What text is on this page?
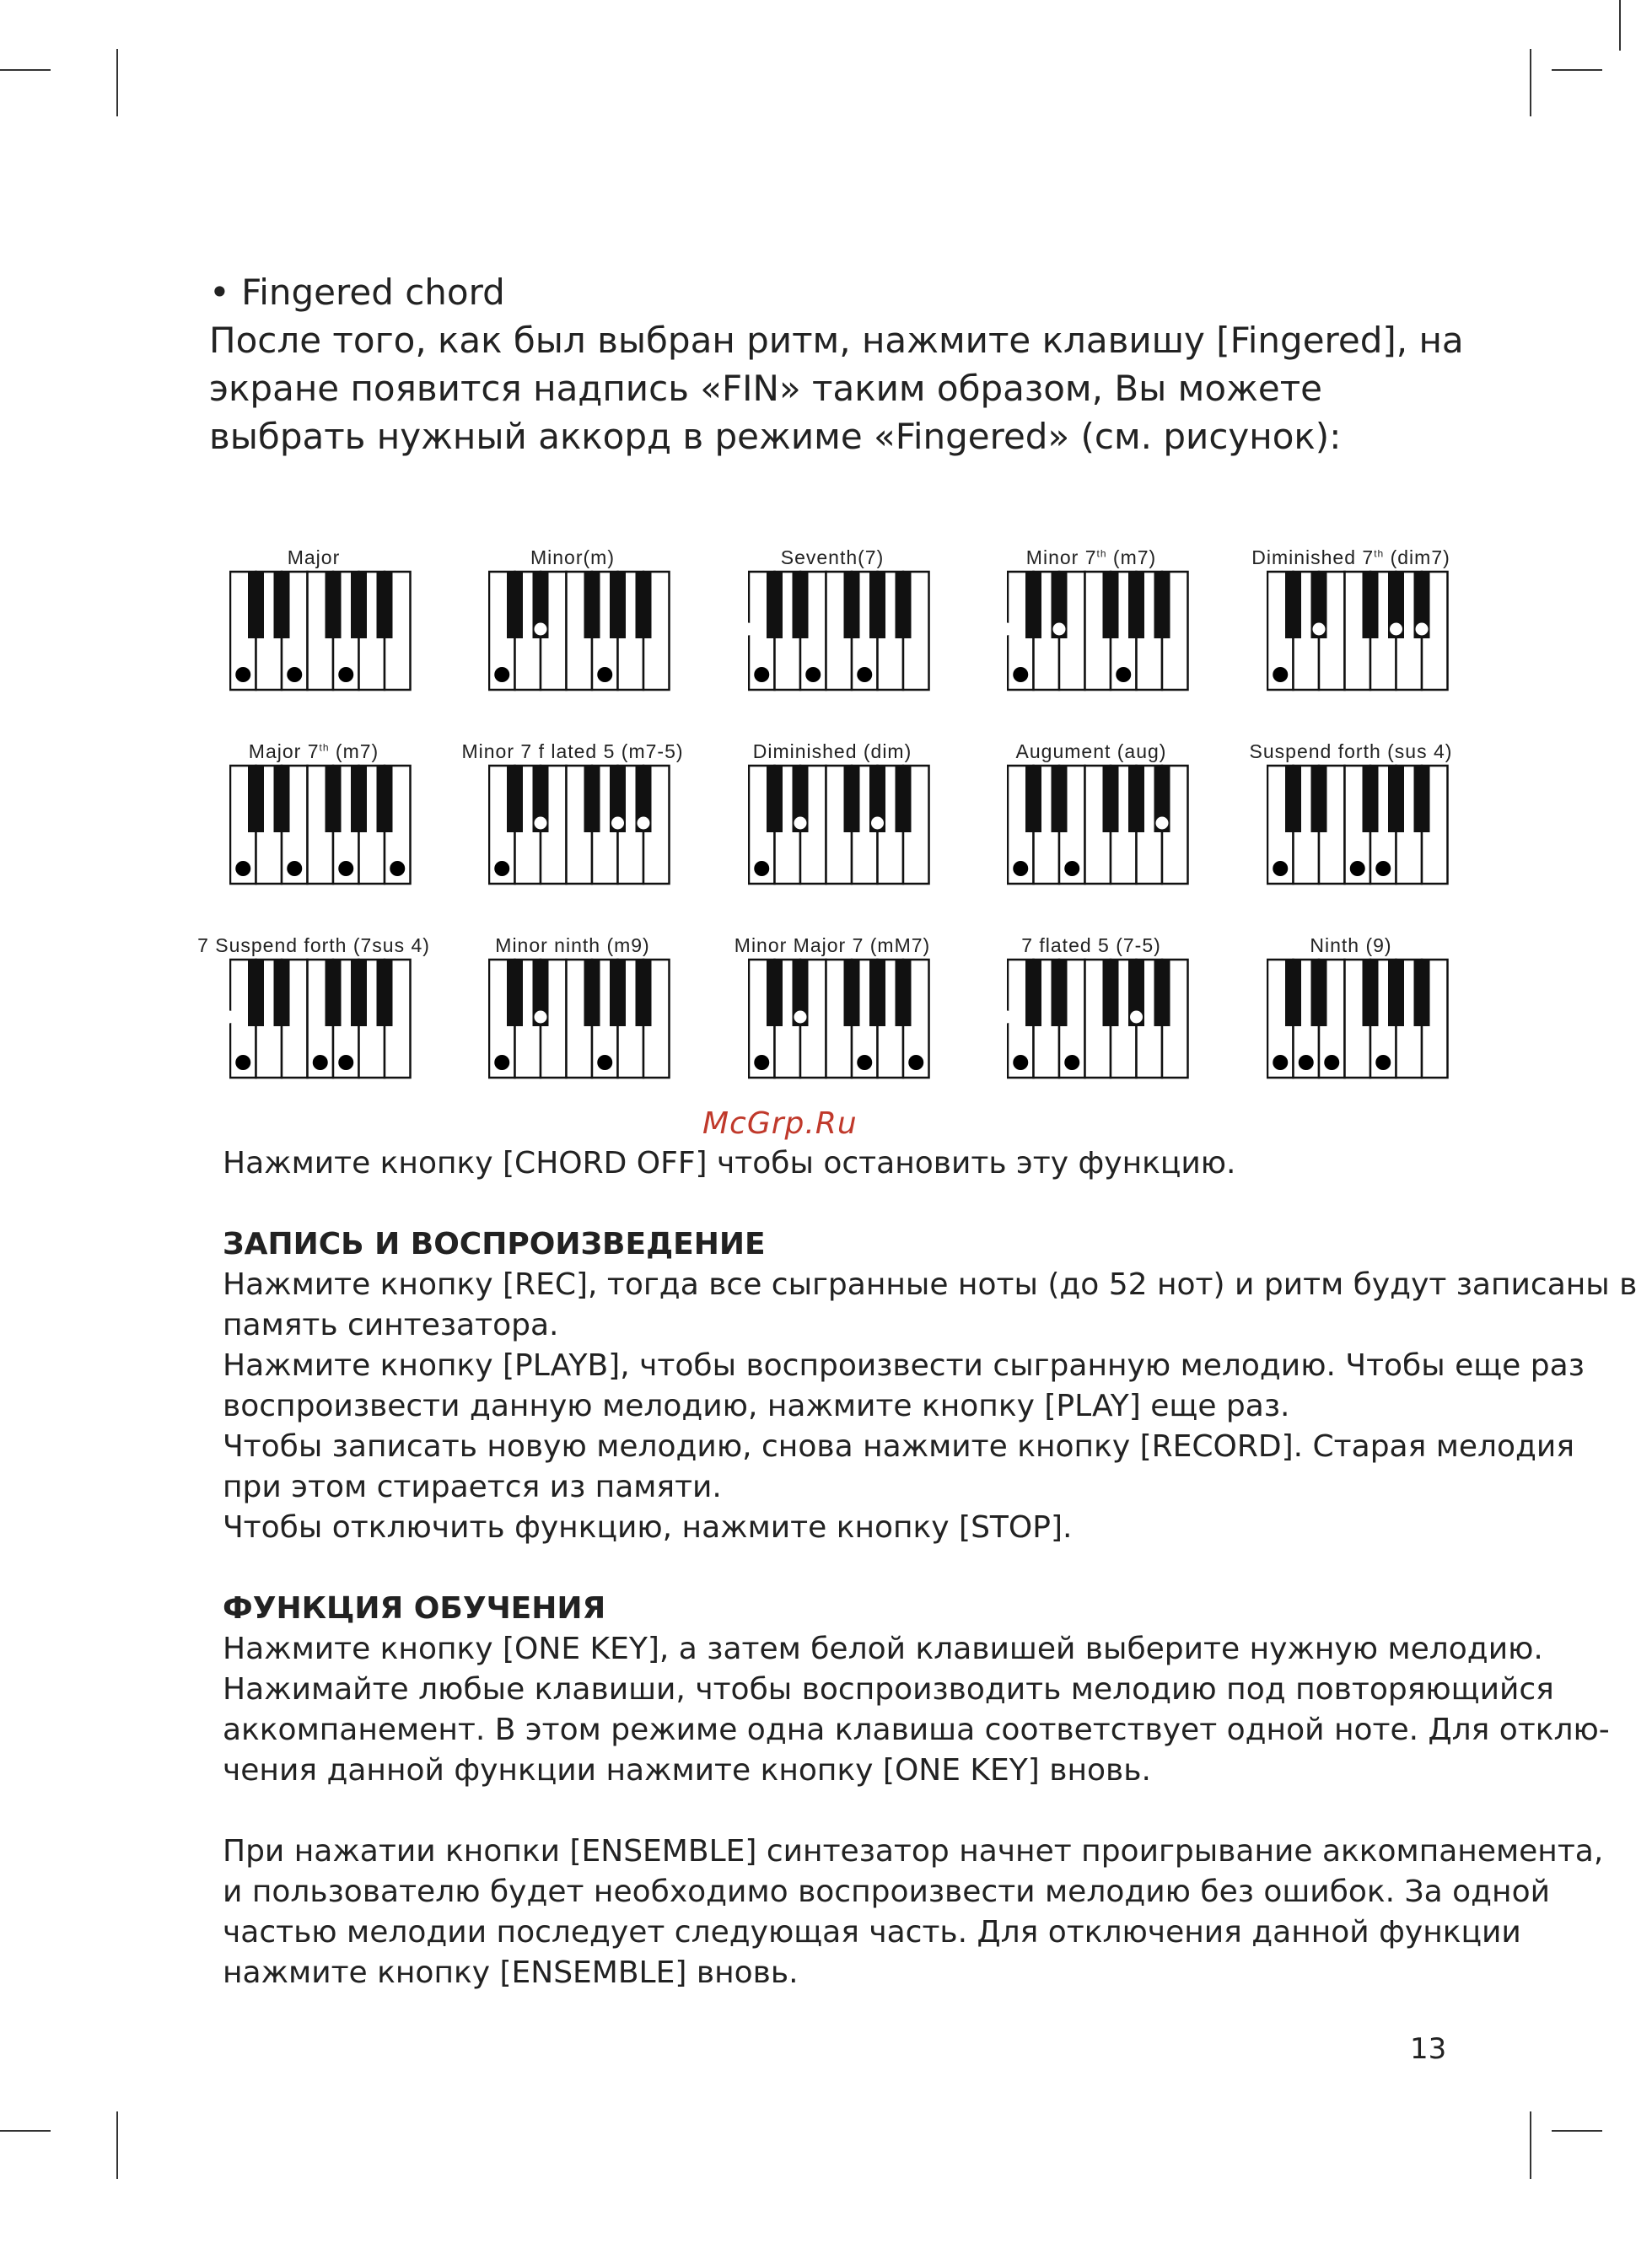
• Fingered chord
После того, как был выбран ритм, нажмите клавишу [Fingered], на
экране появится надпись «FIN» таким образом, Вы можете
выбрать нужный аккорд в режиме «Fingered» (см. рисунок):
Major	Minor(m)	Seventh(7)	Minor 7th (m7)	Diminished 7th (dim7)
Major 7th (m7)	Minor 7 f lated 5 (m7-5)	Diminished (dim)	Augument (aug)	Suspend forth (sus 4)
7 Suspend forth (7sus 4)	Minor ninth (m9)	Minor Major 7 (mM7)	7 flated 5 (7-5)	Ninth (9)
McGrp.Ru
Нажмите кнопку [CHORD OFF] чтобы остановить эту функцию.
ЗАПИСЬ И ВОСПРОИЗВЕДЕНИЕ
Нажмите кнопку [REC], тогда все сыгранные ноты (до 52 нот) и ритм будут записаны в
память синтезатора.
Нажмите кнопку [PLAYB], чтобы воспроизвести сыгранную мелодию. Чтобы еще раз
воспроизвести данную мелодию, нажмите кнопку [PLAY] еще раз.
Чтобы записать новую мелодию, снова нажмите кнопку [RECORD]. Старая мелодия
при этом стирается из памяти.
Чтобы отключить функцию, нажмите кнопку [STOP].
ФУНКЦИЯ ОБУЧЕНИЯ
Нажмите кнопку [ONE KEY], а затем белой клавишей выберите нужную мелодию.
Нажимайте любые клавиши, чтобы воспроизводить мелодию под повторяющийся
аккомпанемент. В этом режиме одна клавиша соответствует одной ноте. Для отклю-
чения данной функции нажмите кнопку [ONE KEY] вновь.
При нажатии кнопки [ENSEMBLE] синтезатор начнет проигрывание аккомпанемента,
и пользователю будет необходимо воспроизвести мелодию без ошибок. За одной
частью мелодии последует следующая часть. Для отключения данной функции
нажмите кнопку [ENSEMBLE] вновь.
13
